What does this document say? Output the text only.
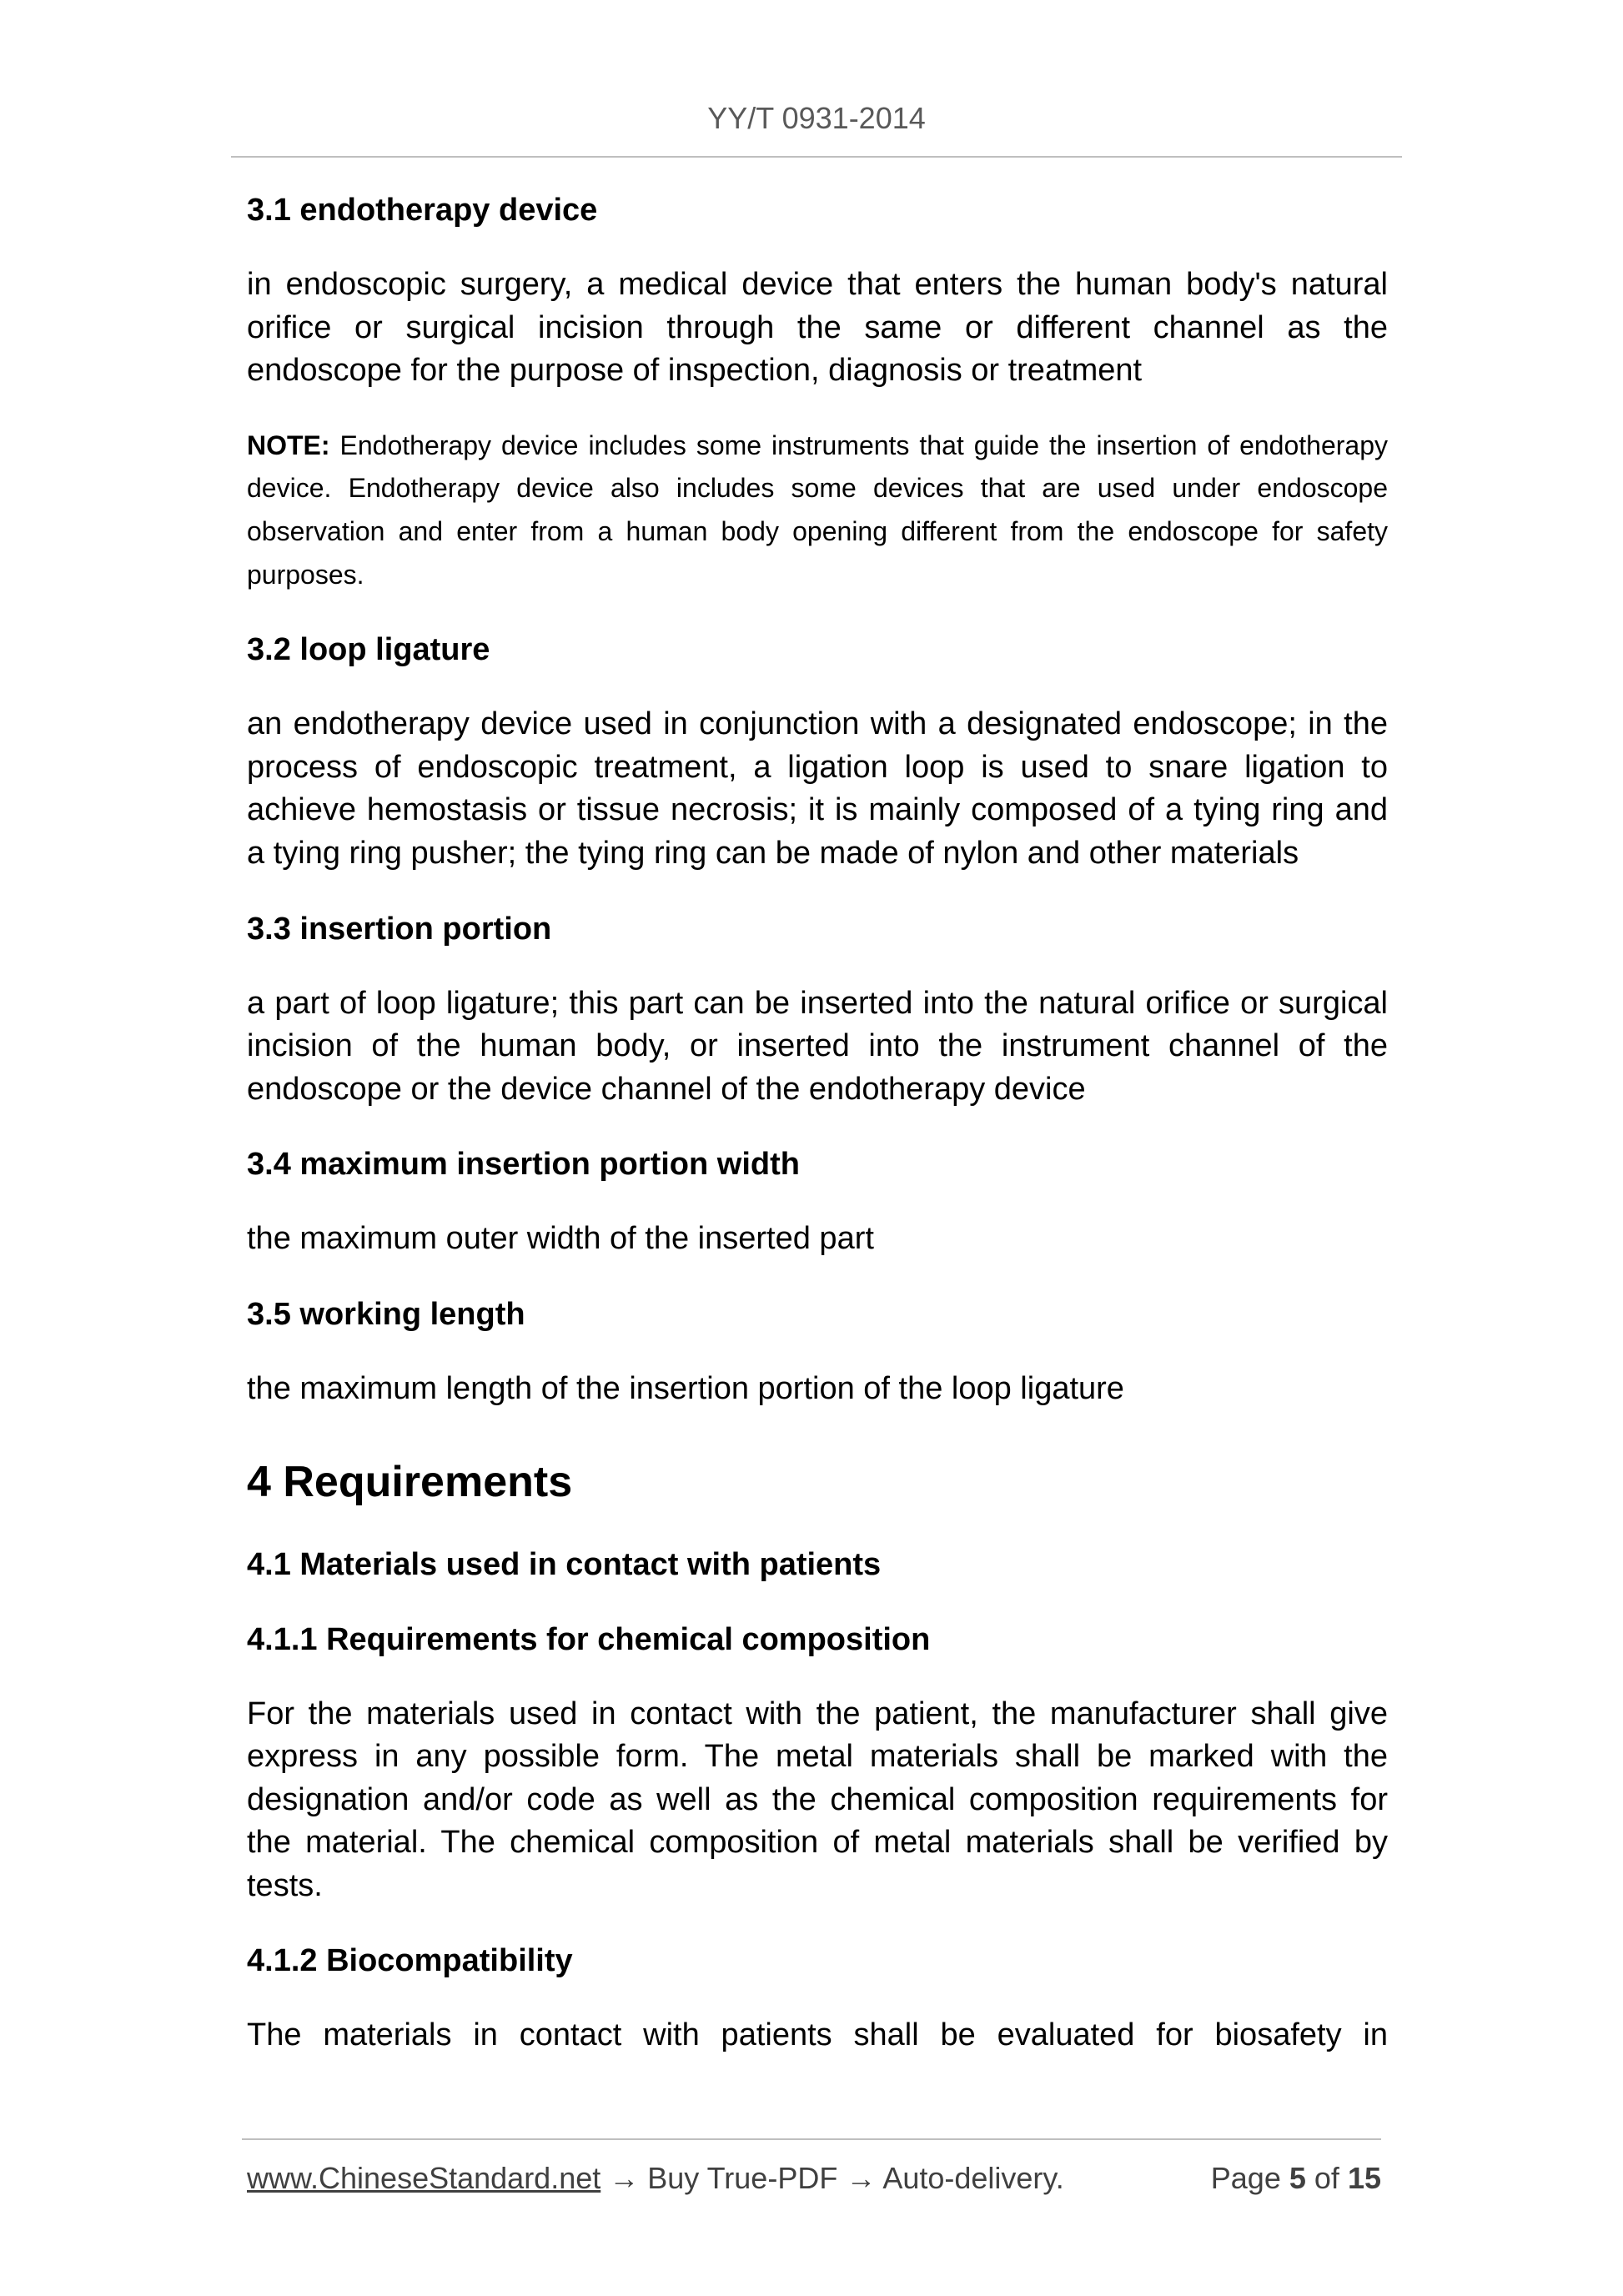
YY/T 0931-2014
3.1 endotherapy device
in endoscopic surgery, a medical device that enters the human body's natural orifice or surgical incision through the same or different channel as the endoscope for the purpose of inspection, diagnosis or treatment
NOTE: Endotherapy device includes some instruments that guide the insertion of endotherapy device. Endotherapy device also includes some devices that are used under endoscope observation and enter from a human body opening different from the endoscope for safety purposes.
3.2 loop ligature
an endotherapy device used in conjunction with a designated endoscope; in the process of endoscopic treatment, a ligation loop is used to snare ligation to achieve hemostasis or tissue necrosis; it is mainly composed of a tying ring and a tying ring pusher; the tying ring can be made of nylon and other materials
3.3 insertion portion
a part of loop ligature; this part can be inserted into the natural orifice or surgical incision of the human body, or inserted into the instrument channel of the endoscope or the device channel of the endotherapy device
3.4 maximum insertion portion width
the maximum outer width of the inserted part
3.5 working length
the maximum length of the insertion portion of the loop ligature
4 Requirements
4.1 Materials used in contact with patients
4.1.1 Requirements for chemical composition
For the materials used in contact with the patient, the manufacturer shall give express in any possible form. The metal materials shall be marked with the designation and/or code as well as the chemical composition requirements for the material. The chemical composition of metal materials shall be verified by tests.
4.1.2 Biocompatibility
The materials in contact with patients shall be evaluated for biosafety in
www.ChineseStandard.net → Buy True-PDF → Auto-delivery.	Page 5 of 15
